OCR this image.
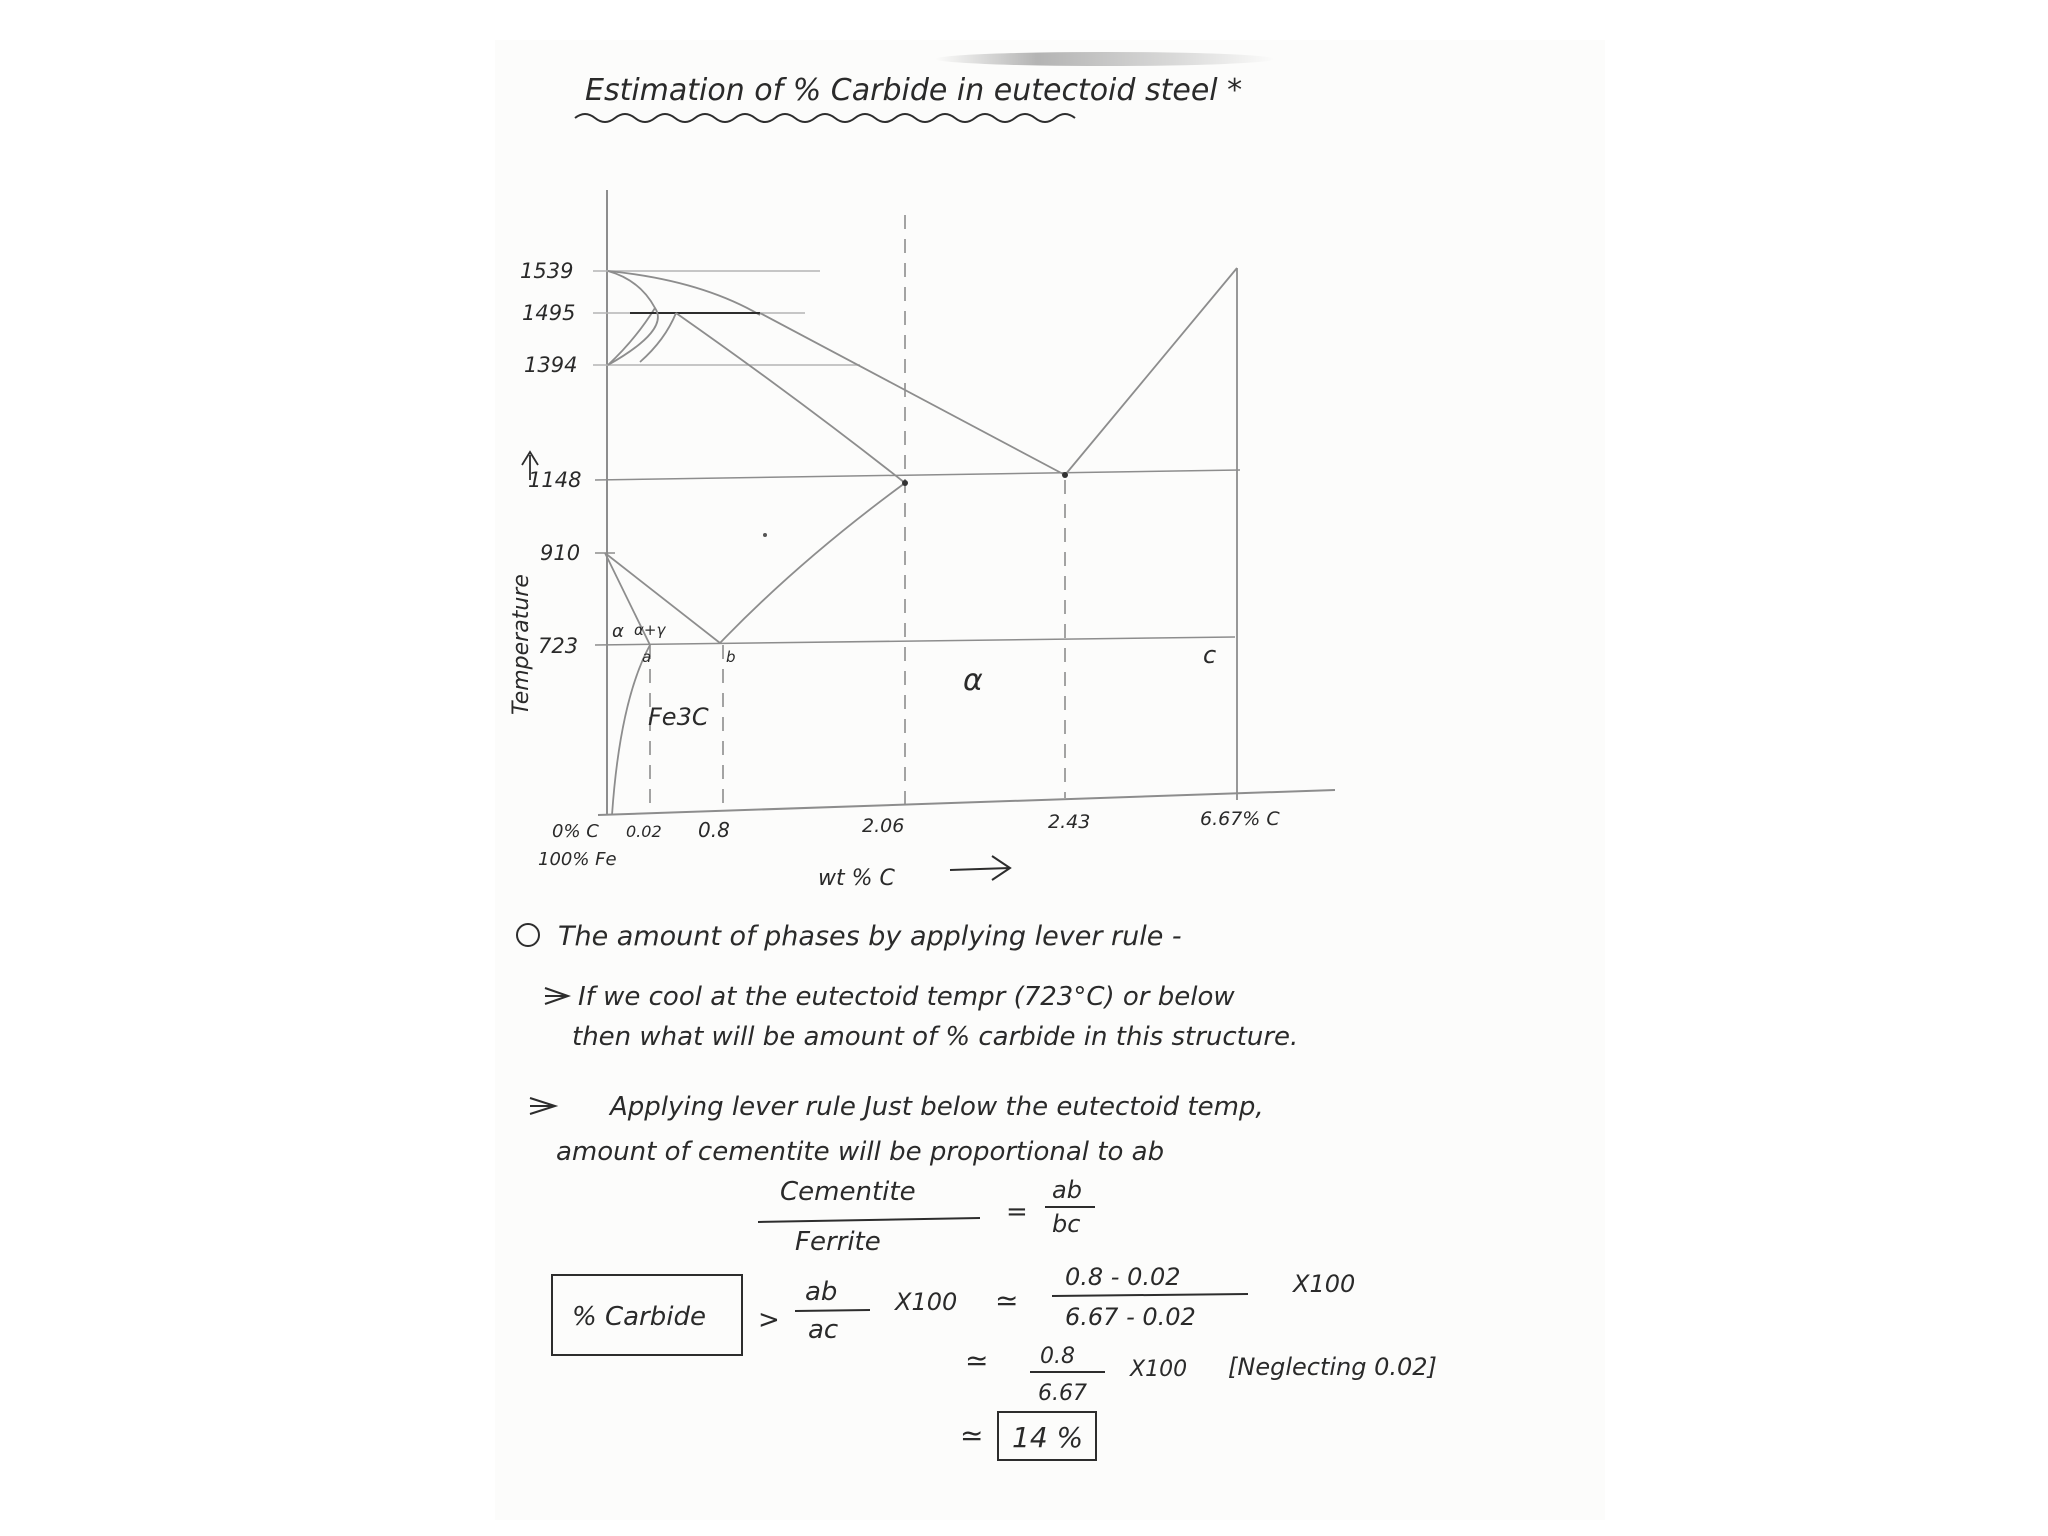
Estimation of % Carbide in eutectoid steel *
1539
1495
1394
1148
910
723
Temperature	α α+γ
a	b
Fe3C
α
c
0% C 0.02 0.8	2.06	2.43	6.67% C
100% Fe
wt % C
The amount of phases by applying lever rule -
If we cool at the eutectoid tempr (723°C) or below
then what will be amount of % carbide in this structure.
Applying lever rule Just below the eutectoid temp,
amount of cementite will be proportional to ab
Cementite
Ferrite
=
ab
bc
% Carbide >
ab
ac
X100 ≃
0.8 - 0.02
6.67 - 0.02
X100
≃ 0.8
6.67
X100 [Neglecting 0.02]
≃ 14 %
